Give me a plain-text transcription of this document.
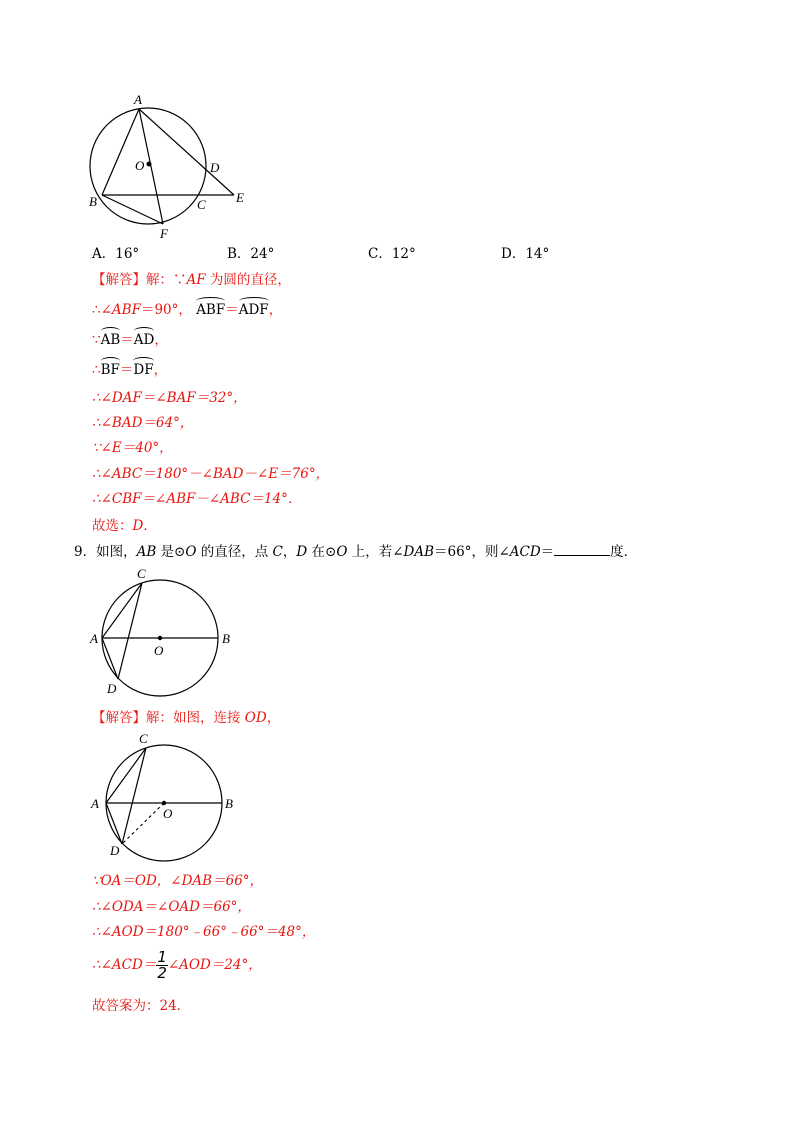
A
O	D
B	C E
F
A．16°	B．24°	C．12°	D．14°
【解答】解：∵AF 为圆的直径，
∴∠ABF＝90°， ABF＝ADF，
∵AB＝AD，
∴BF＝DF，
∴∠DAF＝∠BAF＝32°，
∴∠BAD＝64°，
∵∠E＝40°，
∴∠ABC＝180°－∠BAD－∠E＝76°，
∴∠CBF＝∠ABF－∠ABC＝14°．
故选：D．
9．如图，AB 是⊙O 的直径，点 C，D 在⊙O 上，若∠DAB＝66°，则∠ACD＝	度．
C
A
O
B
D
【解答】解：如图，连接 OD，
C
A
O
B
D
∵OA＝OD，∠DAB＝66°，
∴∠ODA＝∠OAD＝66°，
∴∠AOD＝180°﹣66°﹣66°＝48°，
∴∠ACD＝ $\frac{1}{2}$ ∠AOD＝24°，
故答案为：24．
